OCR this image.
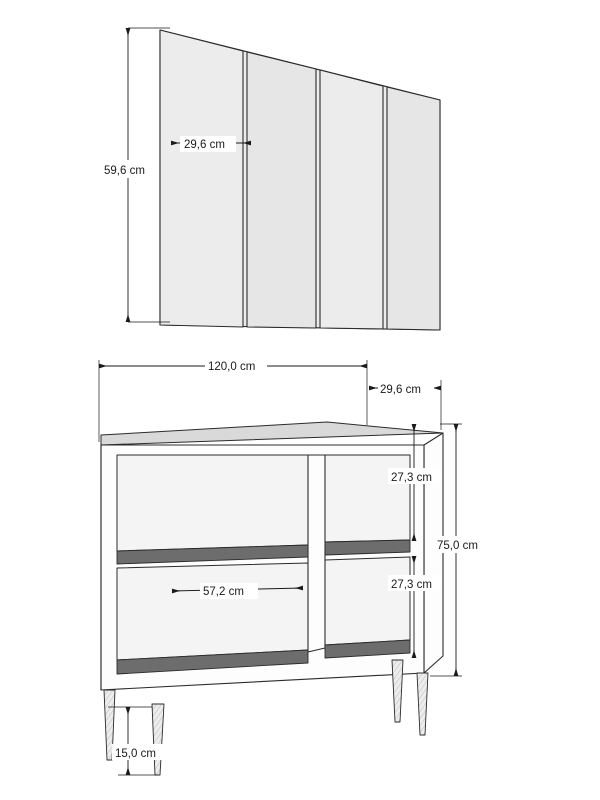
59,6 cm
29,6 cm
120,0 cm
29,6 cm
27,3 cm
27,3 cm
75,0 cm
57,2 cm
15,0 cm
